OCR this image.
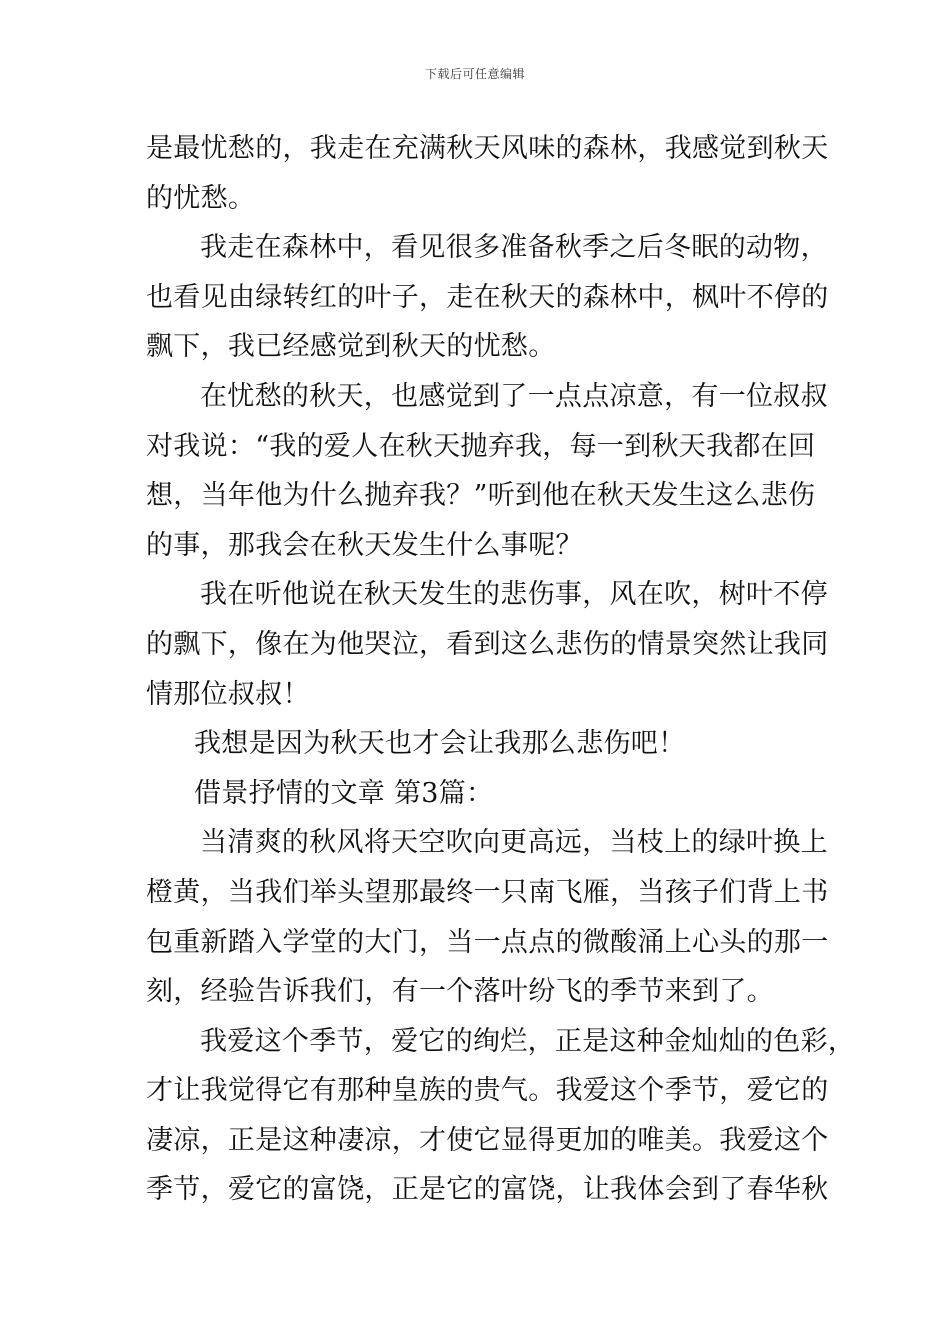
下载后可任意编辑
是最忧愁的，我走在充满秋天风味的森林，我感觉到秋天
的忧愁。
我走在森林中，看见很多准备秋季之后冬眠的动物，
也看见由绿转红的叶子，走在秋天的森林中，枫叶不停的
飘下，我已经感觉到秋天的忧愁。
在忧愁的秋天，也感觉到了一点点凉意，有一位叔叔
对我说：“我的爱人在秋天抛弃我，每一到秋天我都在回
想，当年他为什么抛弃我？”听到他在秋天发生这么悲伤
的事，那我会在秋天发生什么事呢？
我在听他说在秋天发生的悲伤事，风在吹，树叶不停
的飘下，像在为他哭泣，看到这么悲伤的情景突然让我同
情那位叔叔！
我想是因为秋天也才会让我那么悲伤吧！
借景抒情的文章 第3篇：
当清爽的秋风将天空吹向更高远，当枝上的绿叶换上
橙黄，当我们举头望那最终一只南飞雁，当孩子们背上书
包重新踏入学堂的大门，当一点点的微酸涌上心头的那一
刻，经验告诉我们，有一个落叶纷飞的季节来到了。
我爱这个季节，爱它的绚烂，正是这种金灿灿的色彩，
才让我觉得它有那种皇族的贵气。我爱这个季节，爱它的
凄凉，正是这种凄凉，才使它显得更加的唯美。我爱这个
季节，爱它的富饶，正是它的富饶，让我体会到了春华秋
